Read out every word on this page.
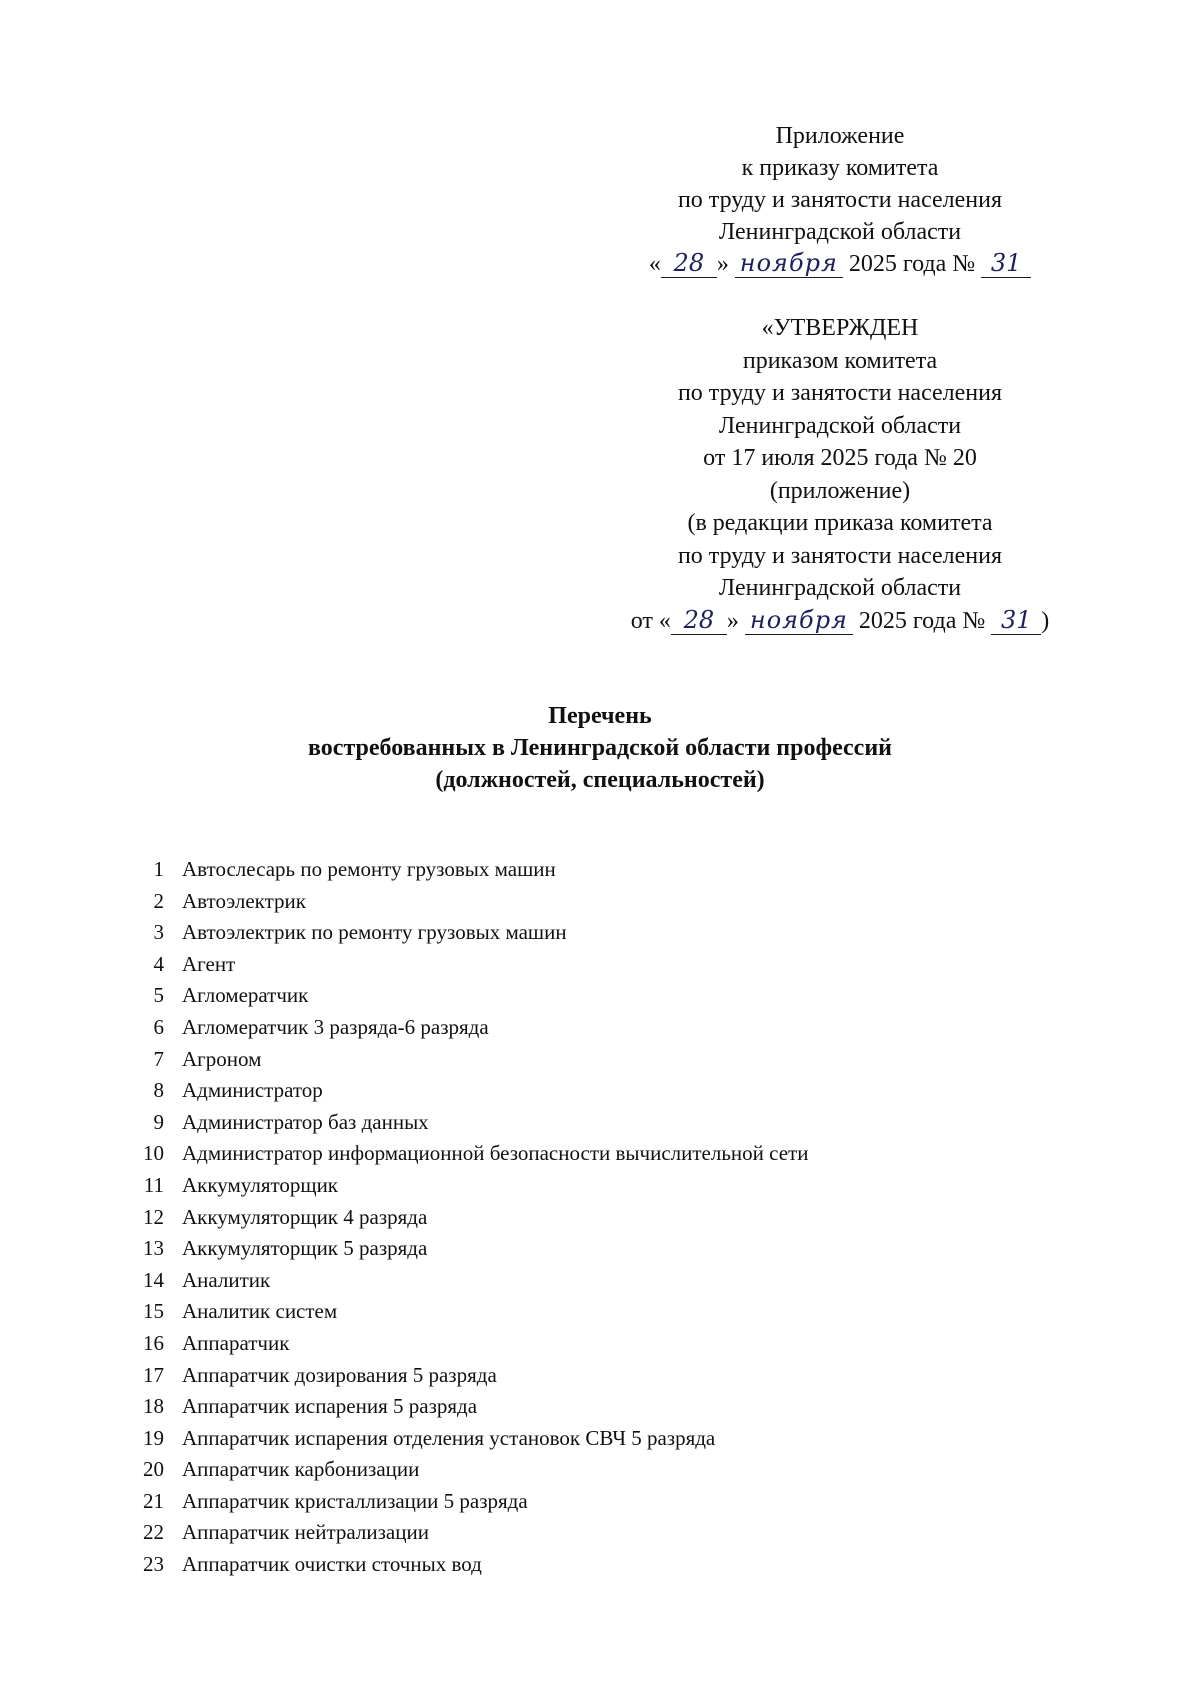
Приложение
к приказу комитета
по труду и занятости населения
Ленинградской области
« 28 » ноября 2025 года № 31
«УТВЕРЖДЕН
приказом комитета
по труду и занятости населения
Ленинградской области
от 17 июля 2025 года № 20
(приложение)
(в редакции приказа комитета
по труду и занятости населения
Ленинградской области
от « 28 » ноября 2025 года № 31 )
Перечень
востребованных в Ленинградской области профессий
(должностей, специальностей)
1 Автослесарь по ремонту грузовых машин
2 Автоэлектрик
3 Автоэлектрик по ремонту грузовых машин
4 Агент
5 Агломератчик
6 Агломератчик 3 разряда-6 разряда
7 Агроном
8 Администратор
9 Администратор баз данных
10 Администратор информационной безопасности вычислительной сети
11 Аккумуляторщик
12 Аккумуляторщик 4 разряда
13 Аккумуляторщик 5 разряда
14 Аналитик
15 Аналитик систем
16 Аппаратчик
17 Аппаратчик дозирования 5 разряда
18 Аппаратчик испарения 5 разряда
19 Аппаратчик испарения отделения установок СВЧ 5 разряда
20 Аппаратчик карбонизации
21 Аппаратчик кристаллизации 5 разряда
22 Аппаратчик нейтрализации
23 Аппаратчик очистки сточных вод
